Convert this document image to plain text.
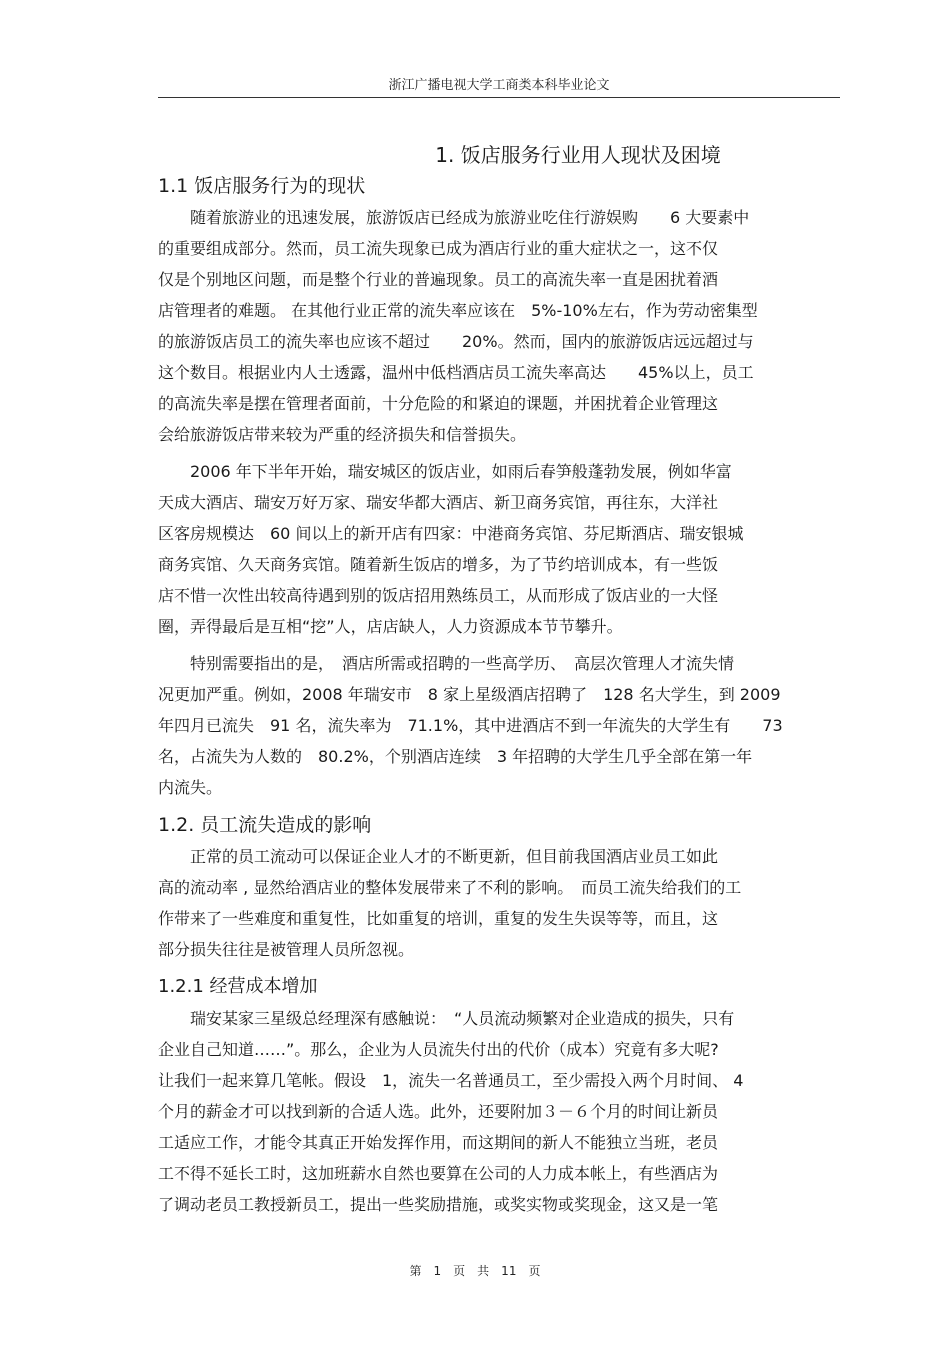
浙江广播电视大学工商类本科毕业论文
1. 饭店服务行业用人现状及困境
1.1 饭店服务行为的现状
　　随着旅游业的迅速发展，旅游饭店已经成为旅游业吃住行游娱购　　6 大要素中
的重要组成部分。然而，员工流失现象已成为酒店行业的重大症状之一，这不仅
仅是个别地区问题，而是整个行业的普遍现象。员工的高流失率一直是困扰着酒
店管理者的难题。 在其他行业正常的流失率应该在　5%-10%左右，作为劳动密集型
的旅游饭店员工的流失率也应该不超过　　20%。然而，国内的旅游饭店远远超过与
这个数目。根据业内人士透露，温州中低档酒店员工流失率高达　　45%以上，员工
的高流失率是摆在管理者面前，十分危险的和紧迫的课题，并困扰着企业管理这
会给旅游饭店带来较为严重的经济损失和信誉损失。
　　2006 年下半年开始，瑞安城区的饭店业，如雨后春笋般蓬勃发展，例如华富
天成大酒店、瑞安万好万家、瑞安华都大酒店、新卫商务宾馆，再往东，大洋社
区客房规模达　60 间以上的新开店有四家：中港商务宾馆、芬尼斯酒店、瑞安银城
商务宾馆、久天商务宾馆。随着新生饭店的增多，为了节约培训成本，有一些饭
店不惜一次性出较高待遇到别的饭店招用熟练员工，从而形成了饭店业的一大怪
圈，弄得最后是互相“挖”人，店店缺人，人力资源成本节节攀升。
　　特别需要指出的是，　酒店所需或招聘的一些高学历、　高层次管理人才流失情
况更加严重。例如，2008 年瑞安市　8 家上星级酒店招聘了　128 名大学生，到 2009
年四月已流失　91 名，流失率为　71.1%，其中进酒店不到一年流失的大学生有　　73
名，占流失为人数的　80.2%，个别酒店连续　3 年招聘的大学生几乎全部在第一年
内流失。
1.2. 员工流失造成的影响
　　正常的员工流动可以保证企业人才的不断更新，但目前我国酒店业员工如此
高的流动率 , 显然给酒店业的整体发展带来了不利的影响。　而员工流失给我们的工
作带来了一些难度和重复性，比如重复的培训，重复的发生失误等等，而且，这
部分损失往往是被管理人员所忽视。
1.2.1 经营成本增加
　　瑞安某家三星级总经理深有感触说：　“人员流动频繁对企业造成的损失，只有
企业自己知道……”。那么，企业为人员流失付出的代价（成本）究竟有多大呢?
让我们一起来算几笔帐。假设　1，流失一名普通员工，至少需投入两个月时间、 4
个月的薪金才可以找到新的合适人选。此外，还要附加３－６个月的时间让新员
工适应工作，才能令其真正开始发挥作用，而这期间的新人不能独立当班，老员
工不得不延长工时，这加班薪水自然也要算在公司的人力成本帐上，有些酒店为
了调动老员工教授新员工，提出一些奖励措施，或奖实物或奖现金，这又是一笔
第　1　页　共　11　页
